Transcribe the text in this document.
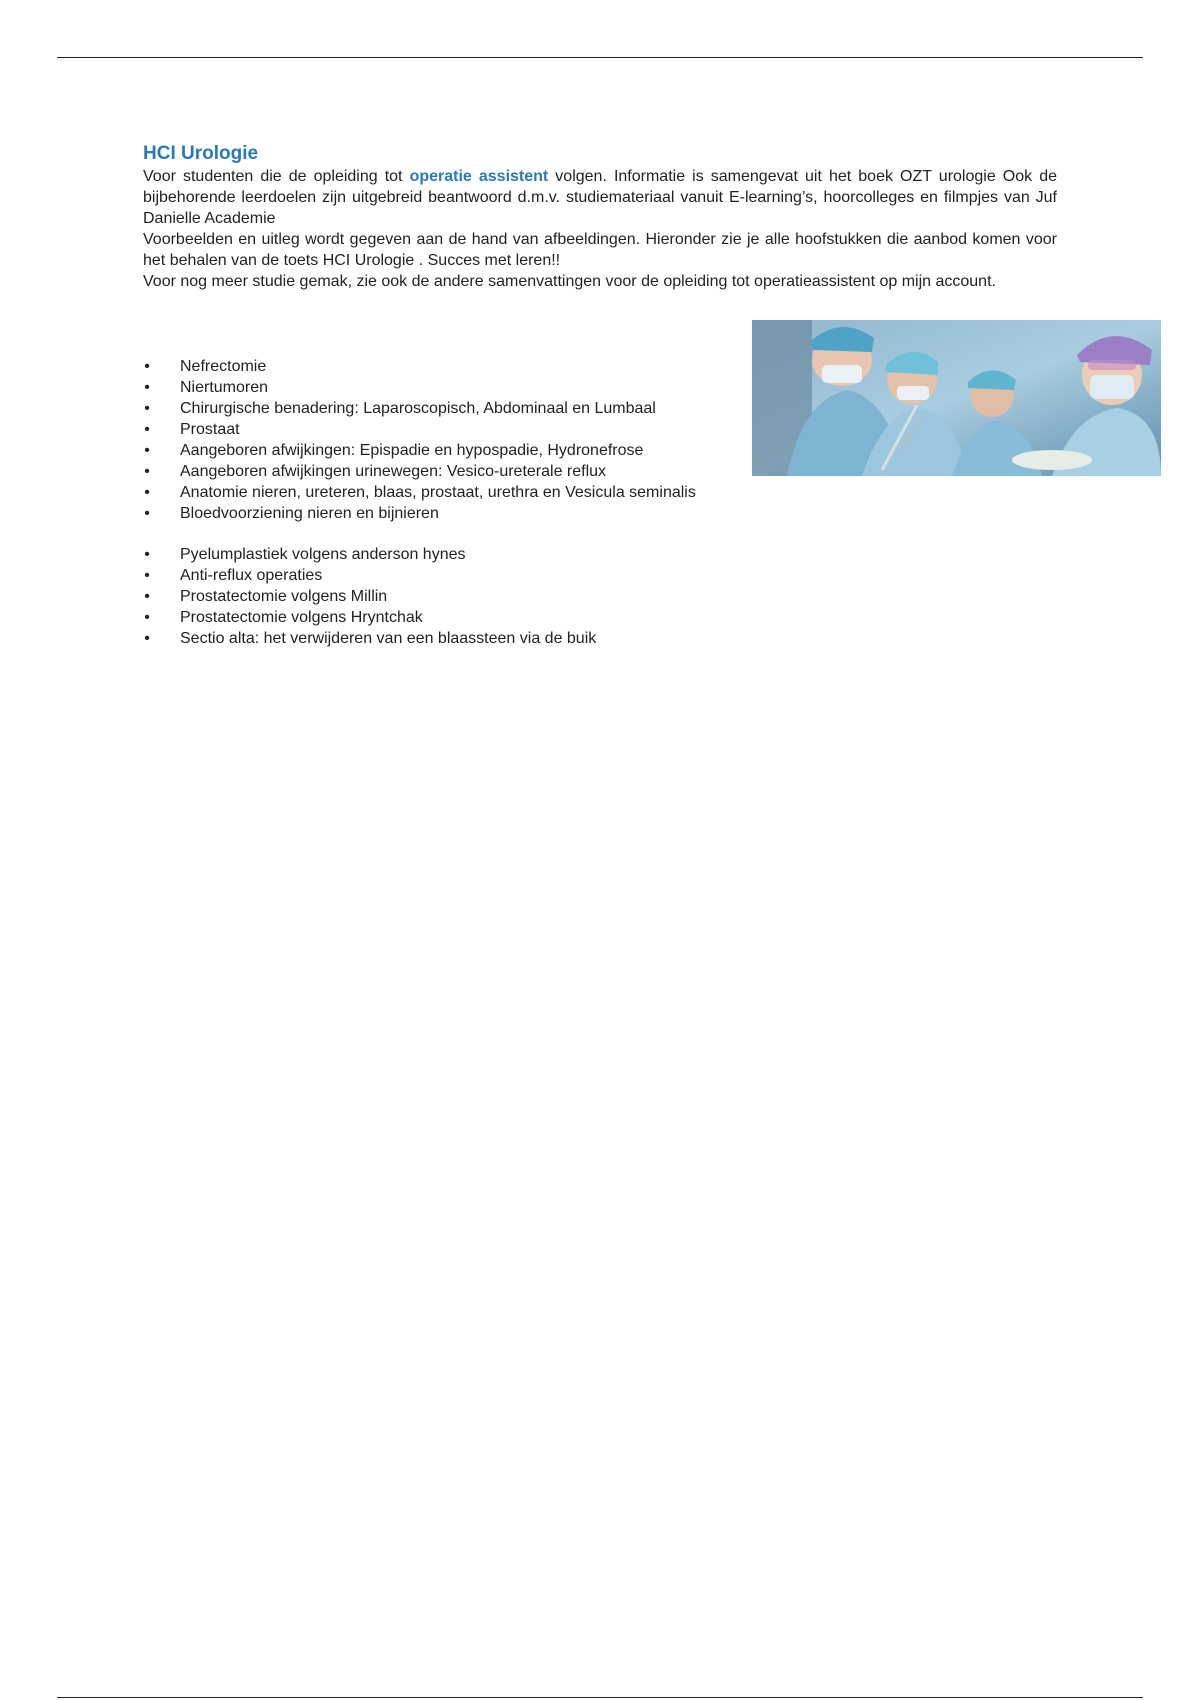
HCI Urologie

Voor studenten die de opleiding tot operatie assistent volgen. Informatie is samengevat uit het boek OZT urologie Ook de bijbehorende leerdoelen zijn uitgebreid beantwoord d.m.v. studiemateriaal vanuit E-learning’s, hoorcolleges en filmpjes van Juf Danielle Academie

Voorbeelden en uitleg wordt gegeven aan de hand van afbeeldingen. Hieronder zie je alle hoofstukken die aanbod komen voor het behalen van de toets HCI Urologie . Succes met leren!!

Voor nog meer studie gemak, zie ook de andere samenvattingen voor de opleiding tot operatieassistent op mijn account.

• Nefrectomie
• Niertumoren
• Chirurgische benadering: Laparoscopisch, Abdominaal en Lumbaal
• Prostaat
• Aangeboren afwijkingen: Epispadie en hypospadie, Hydronefrose
• Aangeboren afwijkingen urinewegen: Vesico-ureterale reflux
• Anatomie nieren, ureteren, blaas, prostaat, urethra en Vesicula seminalis
• Bloedvoorziening nieren en bijnieren
• Pyelumplastiek volgens anderson hynes
• Anti-reflux operaties
• Prostatectomie volgens Millin
• Prostatectomie volgens Hryntchak
• Sectio alta: het verwijderen van een blaassteen via de buik
